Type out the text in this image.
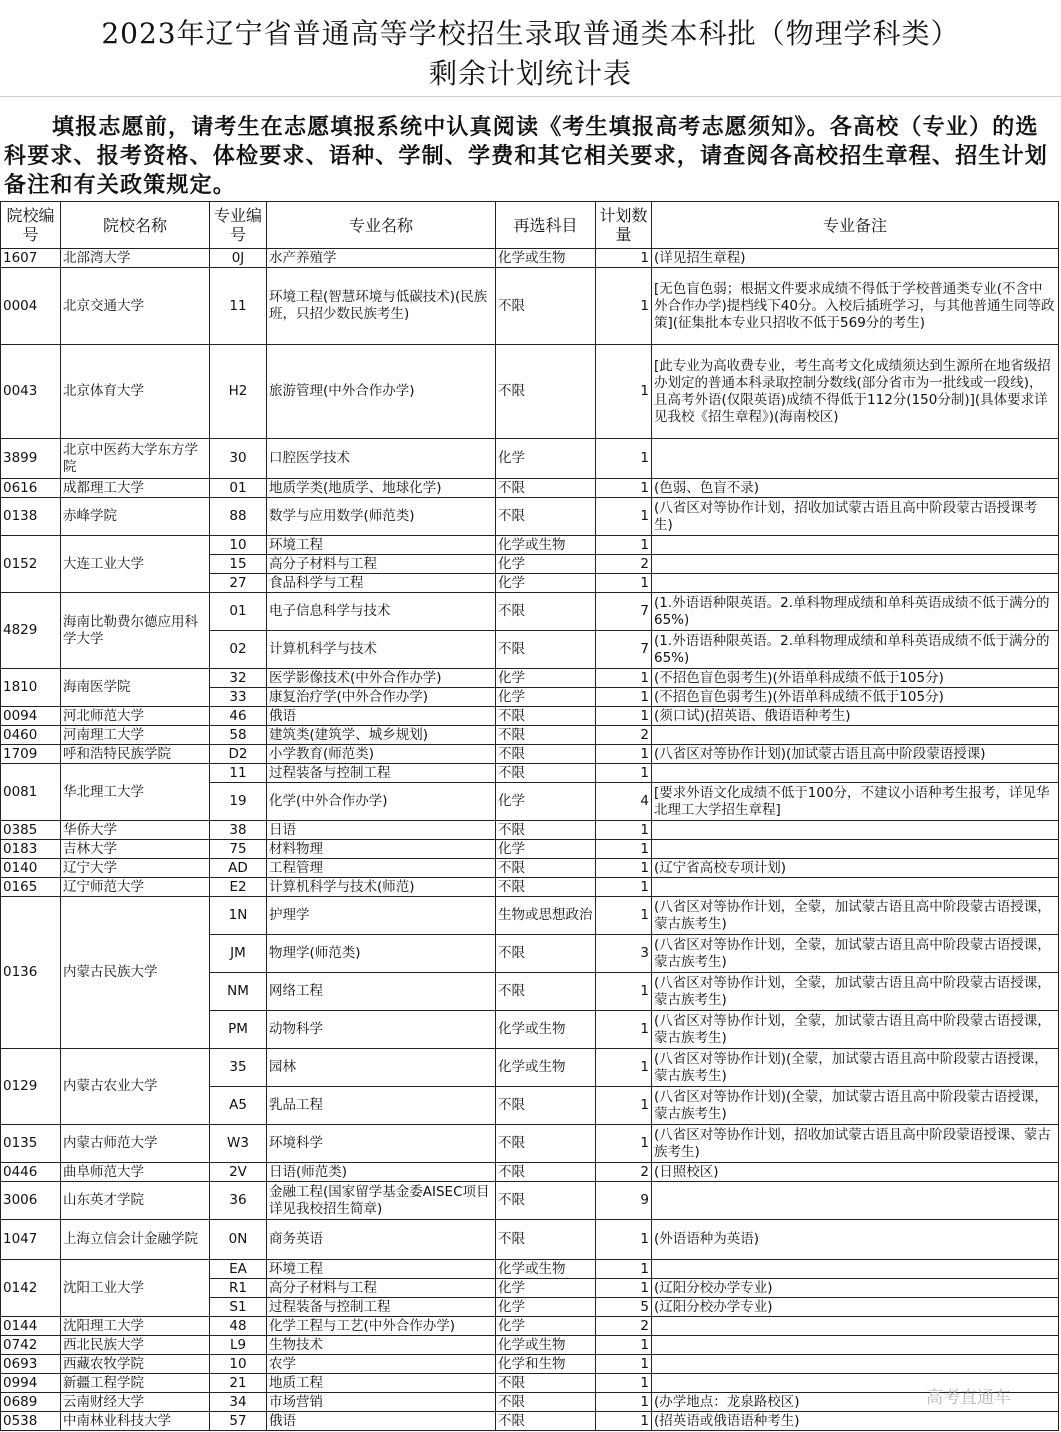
2023年辽宁省普通高等学校招生录取普通类本科批（物理学科类）
剩余计划统计表
填报志愿前，请考生在志愿填报系统中认真阅读《考生填报高考志愿须知》。各高校（专业）的选科要求、报考资格、体检要求、语种、学制、学费和其它相关要求，请查阅各高校招生章程、招生计划备注和有关政策规定。
院校编号	院校名称	专业编号	专业名称	再选科目	计划数量	专业备注
1607	北部湾大学	0J	水产养殖学	化学或生物	1	(详见招生章程)
0004	北京交通大学	11	环境工程(智慧环境与低碳技术)(民族班，只招少数民族考生)	不限	1	[无色盲色弱；根据文件要求成绩不得低于学校普通类专业(不含中外合作办学)提档线下40分。入校后插班学习，与其他普通生同等政策](征集批本专业只招收不低于569分的考生)
0043	北京体育大学	H2	旅游管理(中外合作办学)	不限	1	[此专业为高收费专业，考生高考文化成绩须达到生源所在地省级招办划定的普通本科录取控制分数线(部分省市为一批线或一段线)，且高考外语(仅限英语)成绩不得低于112分(150分制)](具体要求详见我校《招生章程》)(海南校区)
3899	北京中医药大学东方学院	30	口腔医学技术	化学	1	
0616	成都理工大学	01	地质学类(地质学、地球化学)	不限	1	(色弱、色盲不录)
0138	赤峰学院	88	数学与应用数学(师范类)	不限	1	(八省区对等协作计划，招收加试蒙古语且高中阶段蒙古语授课考生)
0152	大连工业大学	10	环境工程	化学或生物	1	
		15	高分子材料与工程	化学	2	
		27	食品科学与工程	化学	1	
4829	海南比勒费尔德应用科学大学	01	电子信息科学与技术	不限	7	(1.外语语种限英语。2.单科物理成绩和单科英语成绩不低于满分的65%)
		02	计算机科学与技术	不限	7	(1.外语语种限英语。2.单科物理成绩和单科英语成绩不低于满分的65%)
1810	海南医学院	32	医学影像技术(中外合作办学)	化学	1	(不招色盲色弱考生)(外语单科成绩不低于105分)
		33	康复治疗学(中外合作办学)	化学	1	(不招色盲色弱考生)(外语单科成绩不低于105分)
0094	河北师范大学	46	俄语	不限	1	(须口试)(招英语、俄语语种考生)
0460	河南理工大学	58	建筑类(建筑学、城乡规划)	不限	2	
1709	呼和浩特民族学院	D2	小学教育(师范类)	不限	1	(八省区对等协作计划)(加试蒙古语且高中阶段蒙语授课)
0081	华北理工大学	11	过程装备与控制工程	不限	1	
		19	化学(中外合作办学)	化学	4	[要求外语文化成绩不低于100分，不建议小语种考生报考，详见华北理工大学招生章程]
0385	华侨大学	38	日语	不限	1	
0183	吉林大学	75	材料物理	化学	1	
0140	辽宁大学	AD	工程管理	不限	1	(辽宁省高校专项计划)
0165	辽宁师范大学	E2	计算机科学与技术(师范)	不限	1	
0136	内蒙古民族大学	1N	护理学	生物或思想政治	1	(八省区对等协作计划，全蒙，加试蒙古语且高中阶段蒙古语授课，蒙古族考生)
		JM	物理学(师范类)	不限	3	(八省区对等协作计划，全蒙，加试蒙古语且高中阶段蒙古语授课，蒙古族考生)
		NM	网络工程	不限	1	(八省区对等协作计划，全蒙，加试蒙古语且高中阶段蒙古语授课，蒙古族考生)
		PM	动物科学	化学或生物	1	(八省区对等协作计划，全蒙，加试蒙古语且高中阶段蒙古语授课，蒙古族考生)
0129	内蒙古农业大学	35	园林	化学或生物	1	(八省区对等协作计划)(全蒙，加试蒙古语且高中阶段蒙古语授课，蒙古族考生)
		A5	乳品工程	不限	1	(八省区对等协作计划)(全蒙，加试蒙古语且高中阶段蒙古语授课，蒙古族考生)
0135	内蒙古师范大学	W3	环境科学	不限	1	(八省区对等协作计划，招收加试蒙古语且高中阶段蒙语授课、蒙古族考生)
0446	曲阜师范大学	2V	日语(师范类)	不限	2	(日照校区)
3006	山东英才学院	36	金融工程(国家留学基金委AISEC项目详见我校招生简章)	不限	9	
1047	上海立信会计金融学院	0N	商务英语	不限	1	(外语语种为英语)
0142	沈阳工业大学	EA	环境工程	化学或生物	1	
		R1	高分子材料与工程	化学	1	(辽阳分校办学专业)
		S1	过程装备与控制工程	化学	5	(辽阳分校办学专业)
0144	沈阳理工大学	48	化学工程与工艺(中外合作办学)	化学	2	
0742	西北民族大学	L9	生物技术	化学或生物	1	
0693	西藏农牧学院	10	农学	化学和生物	1	
0994	新疆工程学院	21	地质工程	不限	1	
0689	云南财经大学	34	市场营销	不限	1	(办学地点：龙泉路校区)
0538	中南林业科技大学	57	俄语	不限	1	(招英语或俄语语种考生)
高考直通车
